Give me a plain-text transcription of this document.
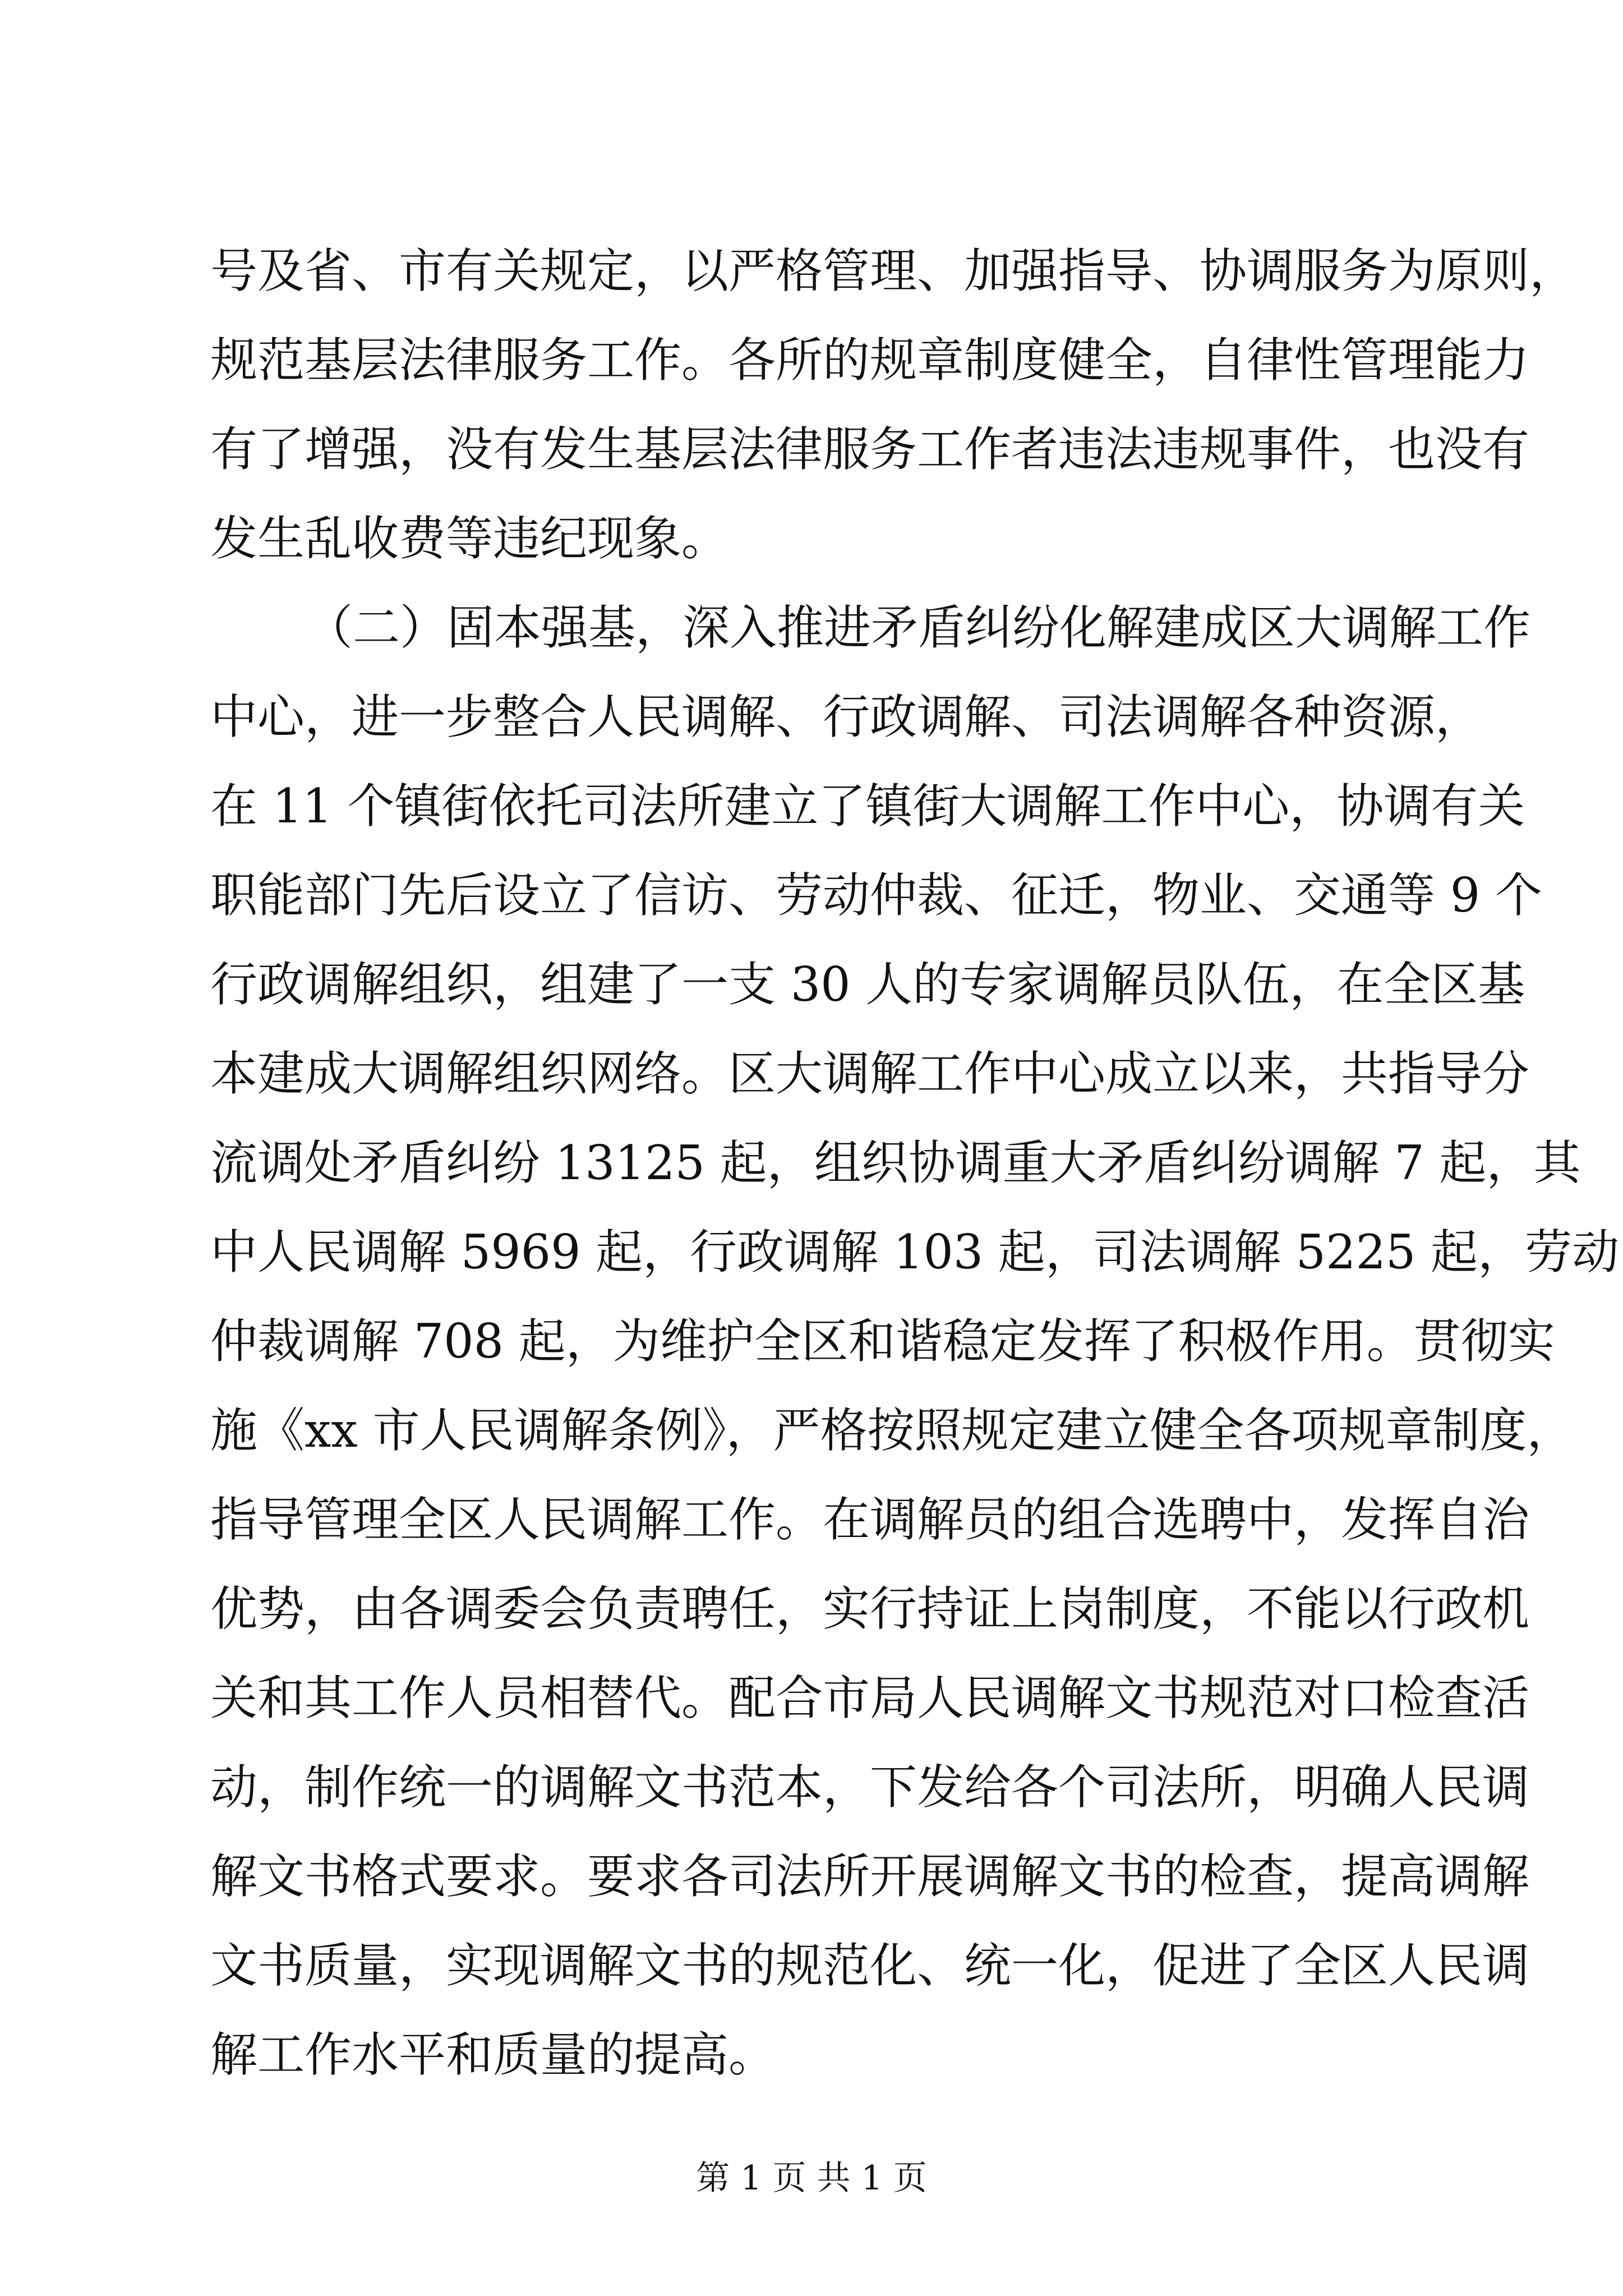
号及省、市有关规定，以严格管理、加强指导、协调服务为原则，
规范基层法律服务工作。各所的规章制度健全，自律性管理能力
有了增强，没有发生基层法律服务工作者违法违规事件，也没有
发生乱收费等违纪现象。
（二）固本强基，深入推进矛盾纠纷化解建成区大调解工作
中心，进一步整合人民调解、行政调解、司法调解各种资源，
在 11 个镇街依托司法所建立了镇街大调解工作中心，协调有关
职能部门先后设立了信访、劳动仲裁、征迁，物业、交通等 9 个
行政调解组织，组建了一支 30 人的专家调解员队伍，在全区基
本建成大调解组织网络。区大调解工作中心成立以来，共指导分
流调处矛盾纠纷 13125 起，组织协调重大矛盾纠纷调解 7 起，其
中人民调解 5969 起，行政调解 103 起，司法调解 5225 起，劳动
仲裁调解 708 起，为维护全区和谐稳定发挥了积极作用。贯彻实
施《xx 市人民调解条例》，严格按照规定建立健全各项规章制度，
指导管理全区人民调解工作。在调解员的组合选聘中，发挥自治
优势，由各调委会负责聘任，实行持证上岗制度，不能以行政机
关和其工作人员相替代。配合市局人民调解文书规范对口检查活
动，制作统一的调解文书范本，下发给各个司法所，明确人民调
解文书格式要求。要求各司法所开展调解文书的检查，提高调解
文书质量，实现调解文书的规范化、统一化，促进了全区人民调
解工作水平和质量的提高。
第 1 页 共 1 页
